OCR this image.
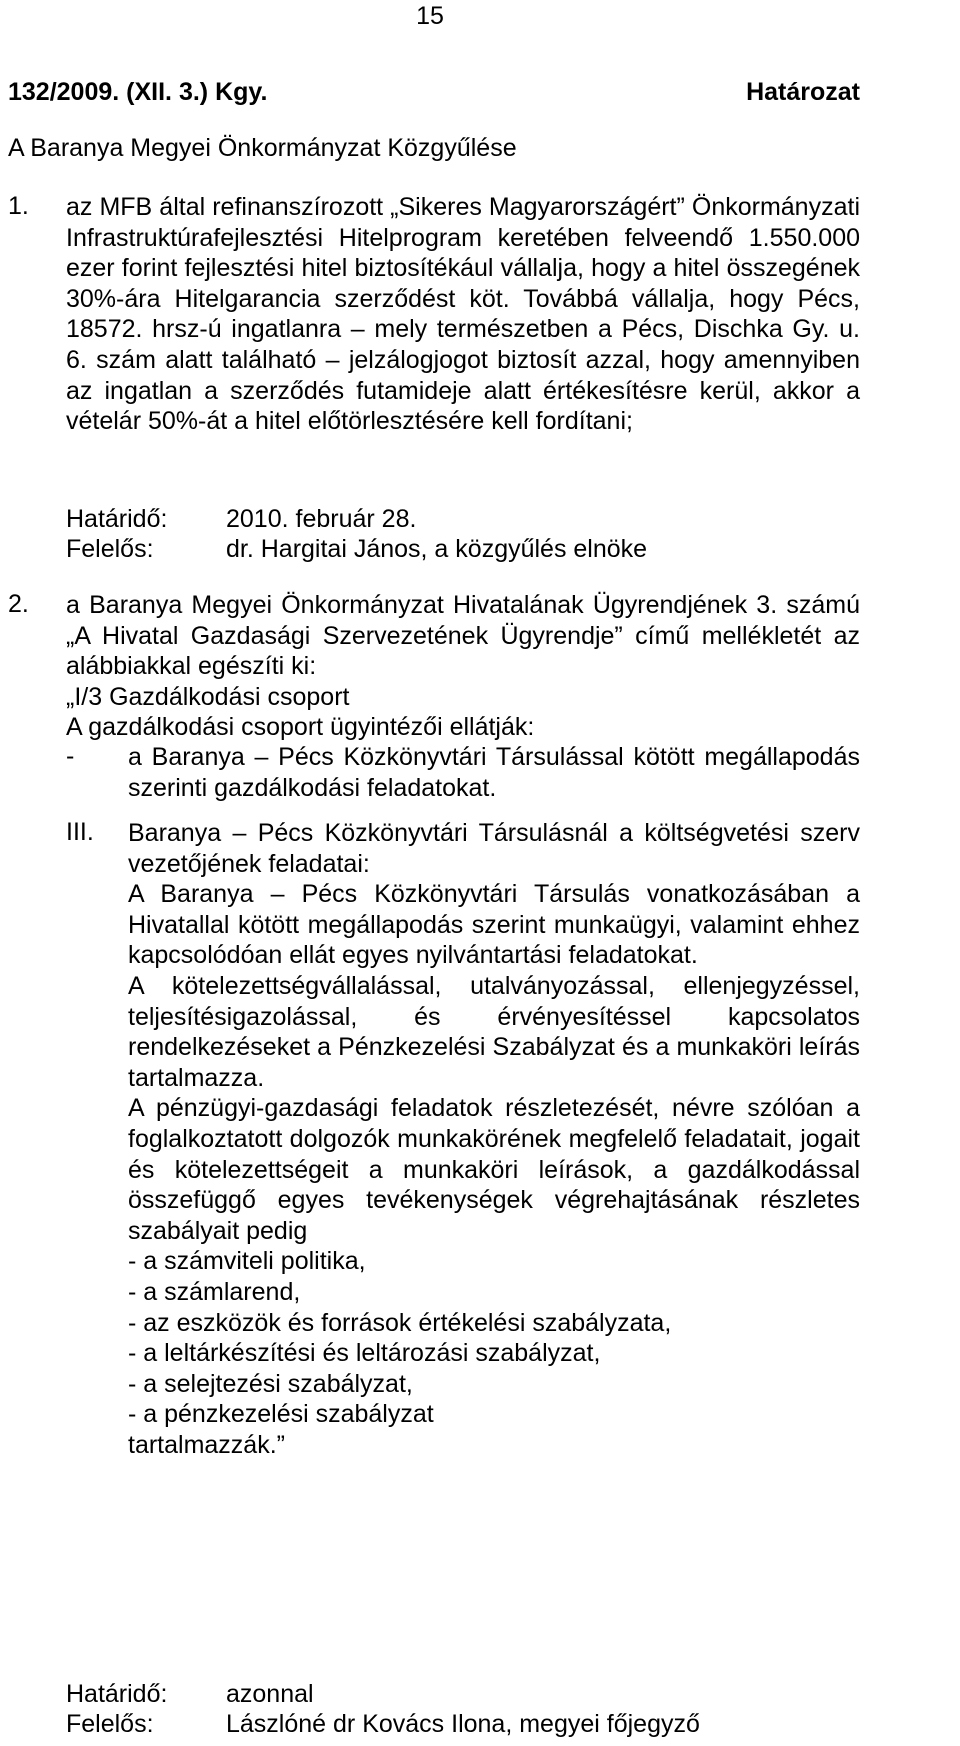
15
132/2009. (XII. 3.) Kgy.	Határozat
A Baranya Megyei Önkormányzat Közgyűlése
1. az MFB által refinanszírozott „Sikeres Magyarországért” Önkormányzati Infrastruktúrafejlesztési Hitelprogram keretében felveendő 1.550.000 ezer forint fejlesztési hitel biztosítékául vállalja, hogy a hitel összegének 30%-ára Hitelgarancia szerződést köt. Továbbá vállalja, hogy Pécs, 18572. hrsz-ú ingatlanra – mely természetben a Pécs, Dischka Gy. u. 6. szám alatt található – jelzálogjogot biztosít azzal, hogy amennyiben az ingatlan a szerződés futamideje alatt értékesítésre kerül, akkor a vételár 50%-át a hitel előtörlesztésére kell fordítani;

Határidő:	2010. február 28.
Felelős:	dr. Hargitai János, a közgyűlés elnöke
2. a Baranya Megyei Önkormányzat Hivatalának Ügyrendjének 3. számú „A Hivatal Gazdasági Szervezetének Ügyrendje” című mellékletét az alábbiakkal egészíti ki:

„I/3 Gazdálkodási csoport

A gazdálkodási csoport ügyintézői ellátják:

- a Baranya – Pécs Közkönyvtári Társulással kötött megállapodás szerinti gazdálkodási feladatokat.

III. Baranya – Pécs Közkönyvtári Társulásnál a költségvetési szerv vezetőjének feladatai:

A Baranya – Pécs Közkönyvtári Társulás vonatkozásában a Hivatallal kötött megállapodás szerint munkaügyi, valamint ehhez kapcsolódóan ellát egyes nyilvántartási feladatokat.

A kötelezettségvállalással, utalványozással, ellenjegyzéssel, teljesítésigazolással, és érvényesítéssel kapcsolatos rendelkezéseket a Pénzkezelési Szabályzat és a munkaköri leírás tartalmazza.

A pénzügyi-gazdasági feladatok részletezését, névre szólóan a foglalkoztatott dolgozók munkakörének megfelelő feladatait, jogait és kötelezettségeit a munkaköri leírások, a gazdálkodással összefüggő egyes tevékenységek végrehajtásának részletes szabályait pedig

- a számviteli politika,

- a számlarend,

- az eszközök és források értékelési szabályzata,

- a leltárkészítési és leltározási szabályzat,

- a selejtezési szabályzat,

- a pénzkezelési szabályzat

tartalmazzák.”

Határidő:	azonnal
Felelős:	Lászlóné dr Kovács Ilona, megyei főjegyző
